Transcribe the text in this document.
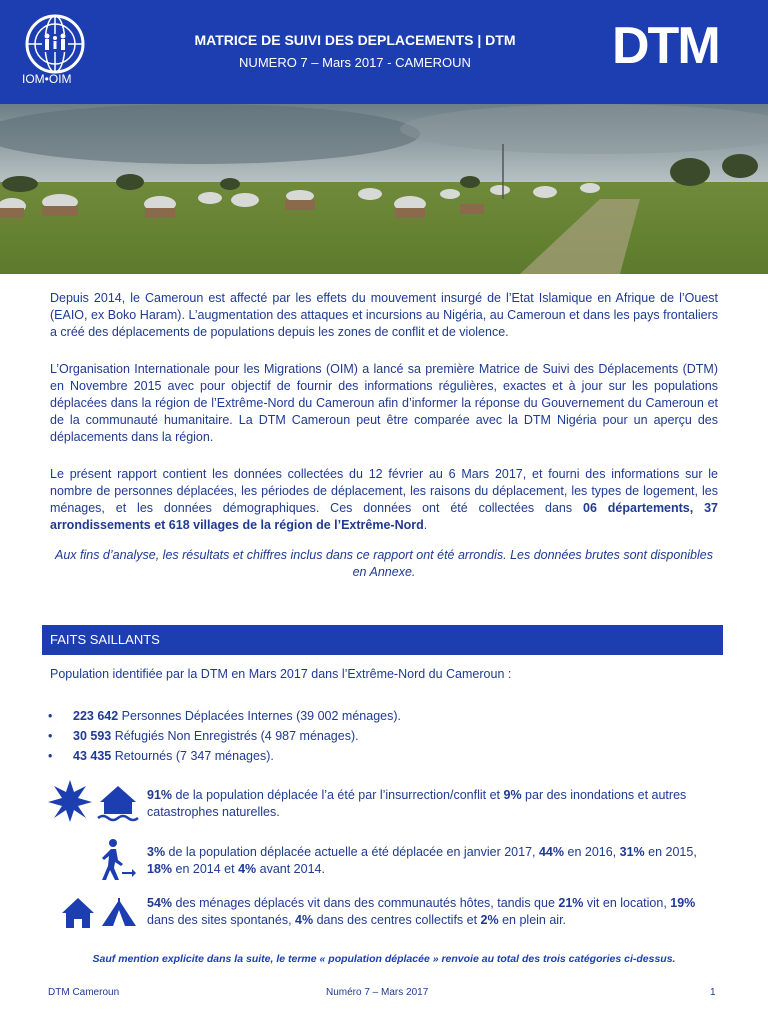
IOM•OIM
MATRICE DE SUIVI DES DEPLACEMENTS | DTM
NUMERO 7 – Mars 2017 - CAMEROUN	DTM
Depuis 2014, le Cameroun est affecté par les effets du mouvement insurgé de l’Etat Islamique en Afrique de l’Ouest (EAIO, ex Boko Haram). L’augmentation des attaques et incursions au Nigéria, au Cameroun et dans les pays frontaliers a créé des déplacements de populations depuis les zones de conflit et de violence.
L’Organisation Internationale pour les Migrations (OIM) a lancé sa première Matrice de Suivi des Déplacements (DTM) en Novembre 2015 avec pour objectif de fournir des informations régulières, exactes et à jour sur les populations déplacées dans la région de l’Extrême-Nord du Cameroun afin d’informer la réponse du Gouvernement du Cameroun et de la communauté humanitaire. La DTM Cameroun peut être comparée avec la DTM Nigéria pour un aperçu des déplacements dans la région.
Le présent rapport contient les données collectées du 12 février au 6 Mars 2017, et fourni des informations sur le nombre de personnes déplacées, les périodes de déplacement, les raisons du déplacement, les types de logement, les ménages, et les données démographiques. Ces données ont été collectées dans 06 départements, 37 arrondissements et 618 villages de la région de l’Extrême-Nord.
Aux fins d’analyse, les résultats et chiffres inclus dans ce rapport ont été arrondis. Les données brutes sont disponibles en Annexe.
FAITS SAILLANTS
Population identifiée par la DTM en Mars 2017 dans l’Extrême-Nord du Cameroun :
• 223 642 Personnes Déplacées Internes (39 002 ménages).
• 30 593 Réfugiés Non Enregistrés (4 987 ménages).
• 43 435 Retournés (7 347 ménages).
91% de la population déplacée l’a été par l’insurrection/conflit et 9% par des inondations et autres catastrophes naturelles.
3% de la population déplacée actuelle a été déplacée en janvier 2017, 44% en 2016, 31% en 2015, 18% en 2014 et 4% avant 2014.
54% des ménages déplacés vit dans des communautés hôtes, tandis que 21% vit en location, 19% dans des sites spontanés, 4% dans des centres collectifs et 2% en plein air.
Sauf mention explicite dans la suite, le terme « population déplacée » renvoie au total des trois catégories ci-dessus.
DTM Cameroun	Numéro 7 – Mars 2017	1
